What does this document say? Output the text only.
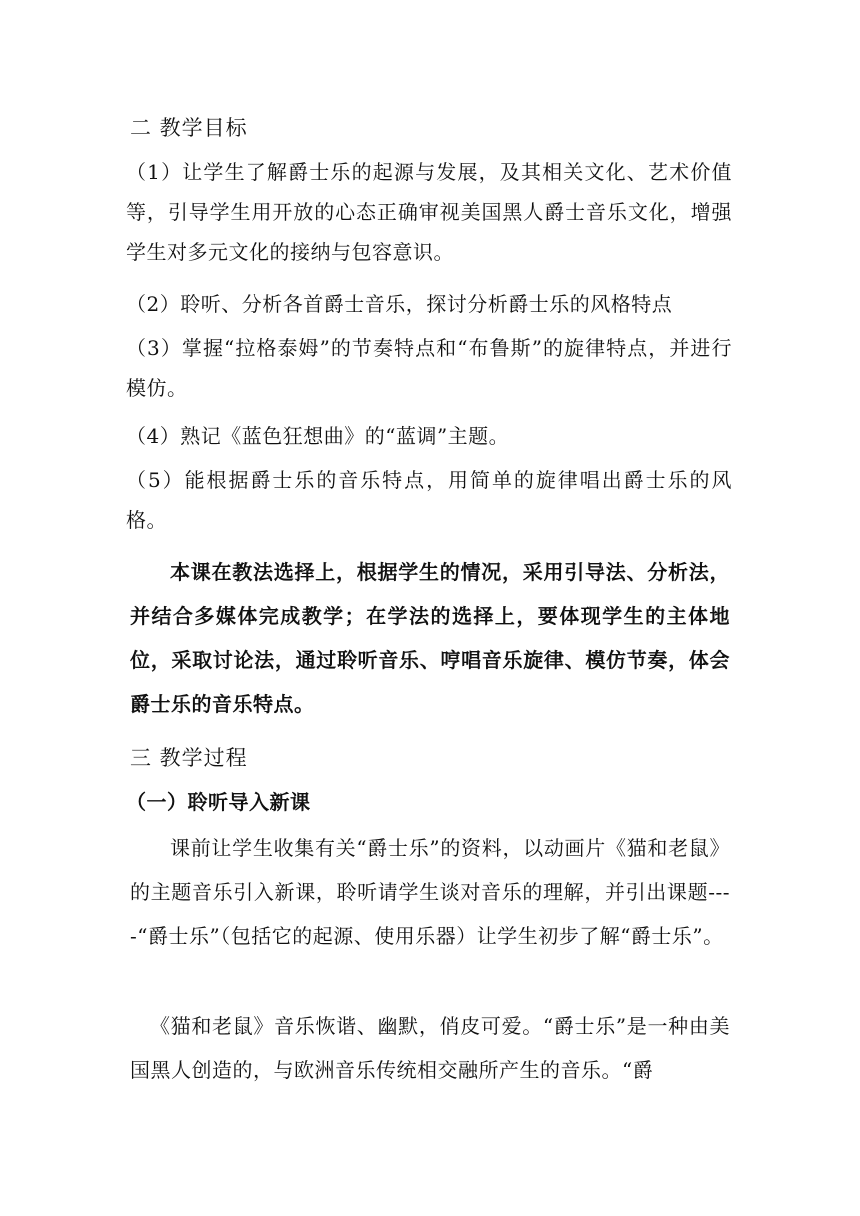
二 教学目标
（1）让学生了解爵士乐的起源与发展，及其相关文化、艺术价值等，引导学生用开放的心态正确审视美国黑人爵士音乐文化，增强学生对多元文化的接纳与包容意识。
（2）聆听、分析各首爵士音乐，探讨分析爵士乐的风格特点
（3）掌握“拉格泰姆”的节奏特点和“布鲁斯”的旋律特点，并进行模仿。
（4）熟记《蓝色狂想曲》的“蓝调”主题。
（5）能根据爵士乐的音乐特点，用简单的旋律唱出爵士乐的风格。
本课在教法选择上，根据学生的情况，采用引导法、分析法，并结合多媒体完成教学；在学法的选择上，要体现学生的主体地位，采取讨论法，通过聆听音乐、哼唱音乐旋律、模仿节奏，体会爵士乐的音乐特点。
三 教学过程
（一）聆听导入新课
课前让学生收集有关“爵士乐”的资料，以动画片《猫和老鼠》的主题音乐引入新课，聆听请学生谈对音乐的理解，并引出课题----“爵士乐”（包括它的起源、使用乐器）让学生初步了解“爵士乐”。
《猫和老鼠》音乐恢谐、幽默，俏皮可爱。“爵士乐”是一种由美国黑人创造的，与欧洲音乐传统相交融所产生的音乐。“爵
